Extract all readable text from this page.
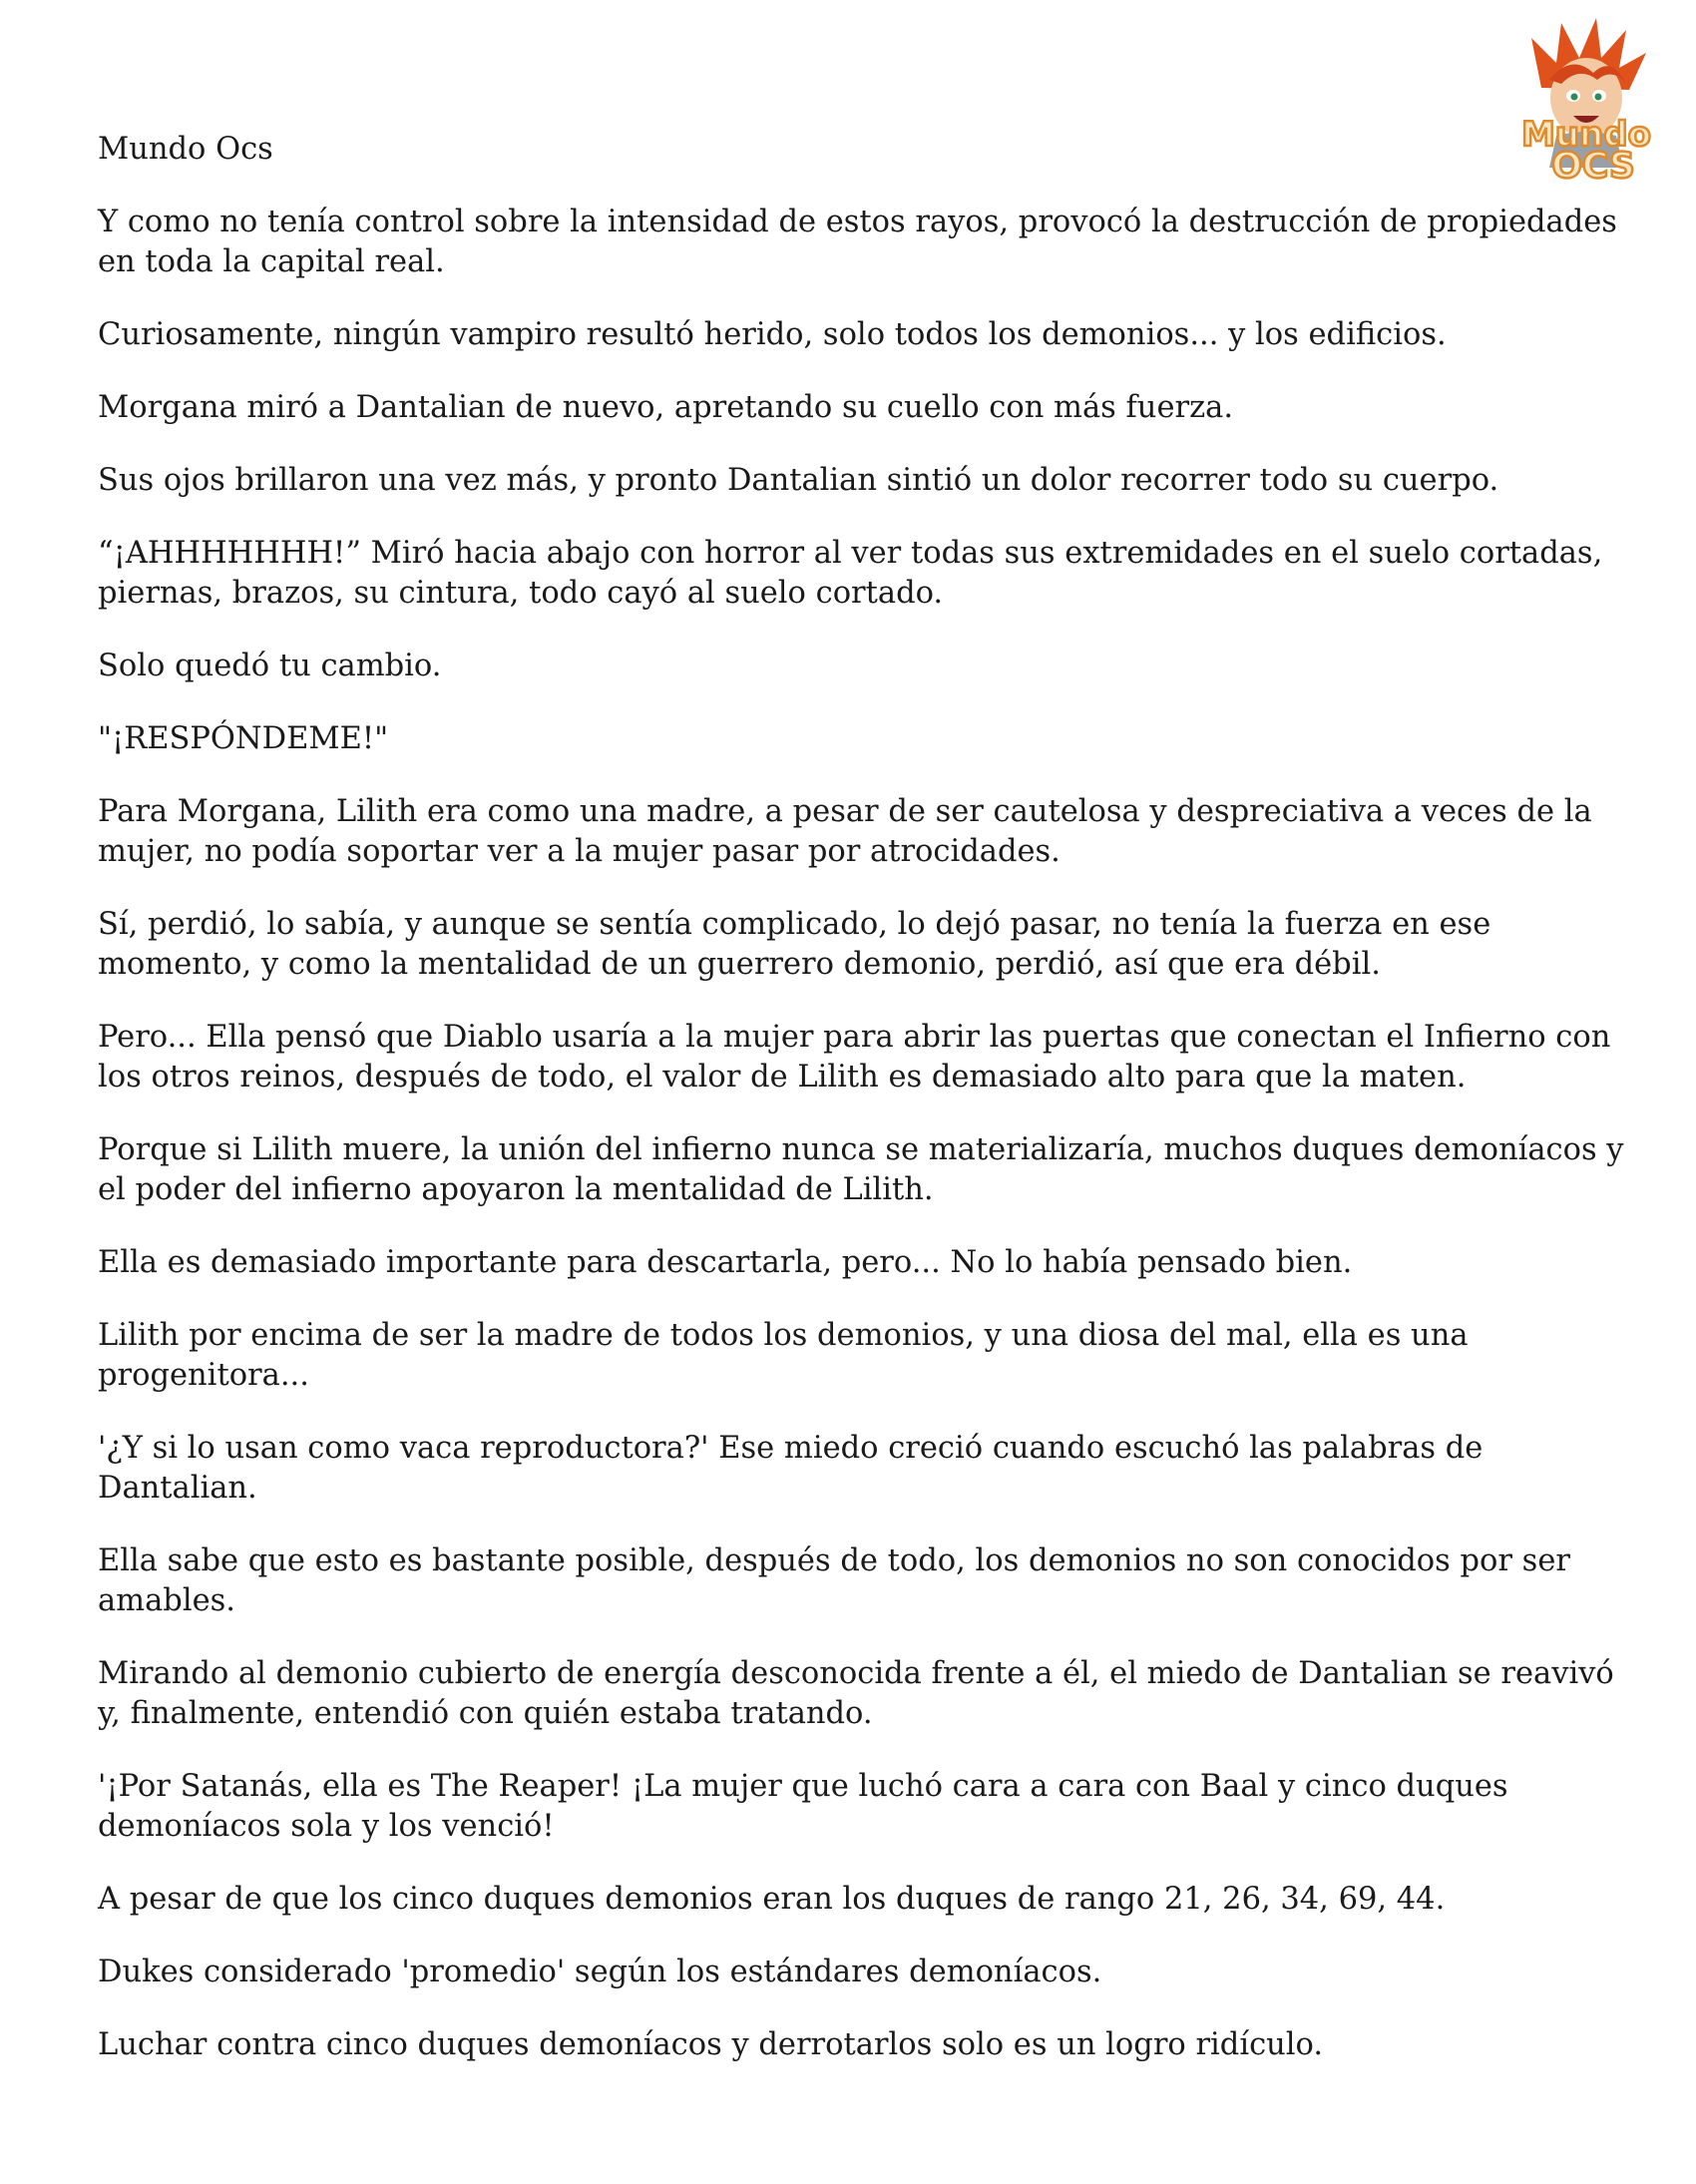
Mundo
OCS

Mundo Ocs

Y como no tenía control sobre la intensidad de estos rayos, provocó la destrucción de propiedades en toda la capital real.

Curiosamente, ningún vampiro resultó herido, solo todos los demonios... y los edificios.

Morgana miró a Dantalian de nuevo, apretando su cuello con más fuerza.

Sus ojos brillaron una vez más, y pronto Dantalian sintió un dolor recorrer todo su cuerpo.

“¡AHHHHHHH!” Miró hacia abajo con horror al ver todas sus extremidades en el suelo cortadas, piernas, brazos, su cintura, todo cayó al suelo cortado.

Solo quedó tu cambio.

"¡RESPÓNDEME!"

Para Morgana, Lilith era como una madre, a pesar de ser cautelosa y despreciativa a veces de la mujer, no podía soportar ver a la mujer pasar por atrocidades.

Sí, perdió, lo sabía, y aunque se sentía complicado, lo dejó pasar, no tenía la fuerza en ese momento, y como la mentalidad de un guerrero demonio, perdió, así que era débil.

Pero... Ella pensó que Diablo usaría a la mujer para abrir las puertas que conectan el Infierno con los otros reinos, después de todo, el valor de Lilith es demasiado alto para que la maten.

Porque si Lilith muere, la unión del infierno nunca se materializaría, muchos duques demoníacos y el poder del infierno apoyaron la mentalidad de Lilith.

Ella es demasiado importante para descartarla, pero... No lo había pensado bien.

Lilith por encima de ser la madre de todos los demonios, y una diosa del mal, ella es una progenitora...

'¿Y si lo usan como vaca reproductora?' Ese miedo creció cuando escuchó las palabras de Dantalian.

Ella sabe que esto es bastante posible, después de todo, los demonios no son conocidos por ser amables.

Mirando al demonio cubierto de energía desconocida frente a él, el miedo de Dantalian se reavivó y, finalmente, entendió con quién estaba tratando.

'¡Por Satanás, ella es The Reaper! ¡La mujer que luchó cara a cara con Baal y cinco duques demoníacos sola y los venció!

A pesar de que los cinco duques demonios eran los duques de rango 21, 26, 34, 69, 44.

Dukes considerado 'promedio' según los estándares demoníacos.

Luchar contra cinco duques demoníacos y derrotarlos solo es un logro ridículo.
